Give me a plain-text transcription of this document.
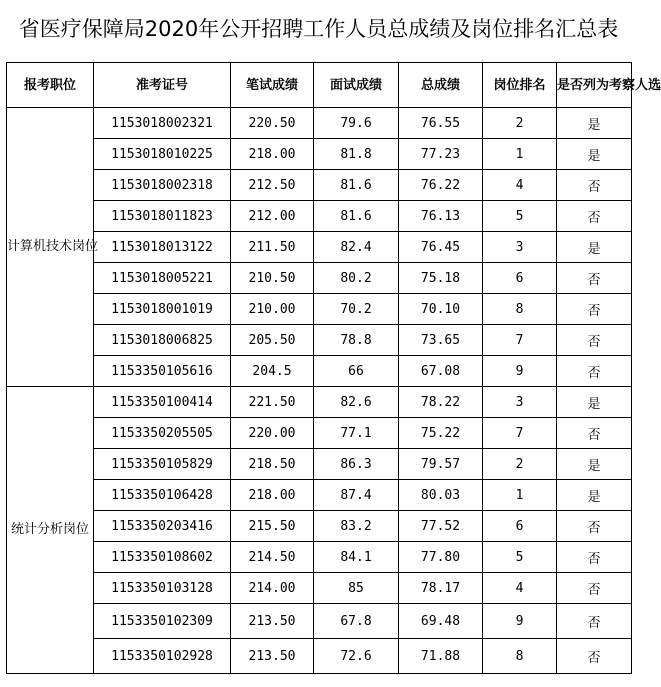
省医疗保障局2020年公开招聘工作人员总成绩及岗位排名汇总表
报考职位	准考证号	笔试成绩	面试成绩	总成绩	岗位排名	是否列为考察人选
计算机技术岗位	1153018002321	220.50	79.6	76.55	2	是
	1153018010225	218.00	81.8	77.23	1	是
	1153018002318	212.50	81.6	76.22	4	否
	1153018011823	212.00	81.6	76.13	5	否
	1153018013122	211.50	82.4	76.45	3	是
	1153018005221	210.50	80.2	75.18	6	否
	1153018001019	210.00	70.2	70.10	8	否
	1153018006825	205.50	78.8	73.65	7	否
	1153350105616	204.5	66	67.08	9	否
统计分析岗位	1153350100414	221.50	82.6	78.22	3	是
	1153350205505	220.00	77.1	75.22	7	否
	1153350105829	218.50	86.3	79.57	2	是
	1153350106428	218.00	87.4	80.03	1	是
	1153350203416	215.50	83.2	77.52	6	否
	1153350108602	214.50	84.1	77.80	5	否
	1153350103128	214.00	85	78.17	4	否
	1153350102309	213.50	67.8	69.48	9	否
	1153350102928	213.50	72.6	71.88	8	否
